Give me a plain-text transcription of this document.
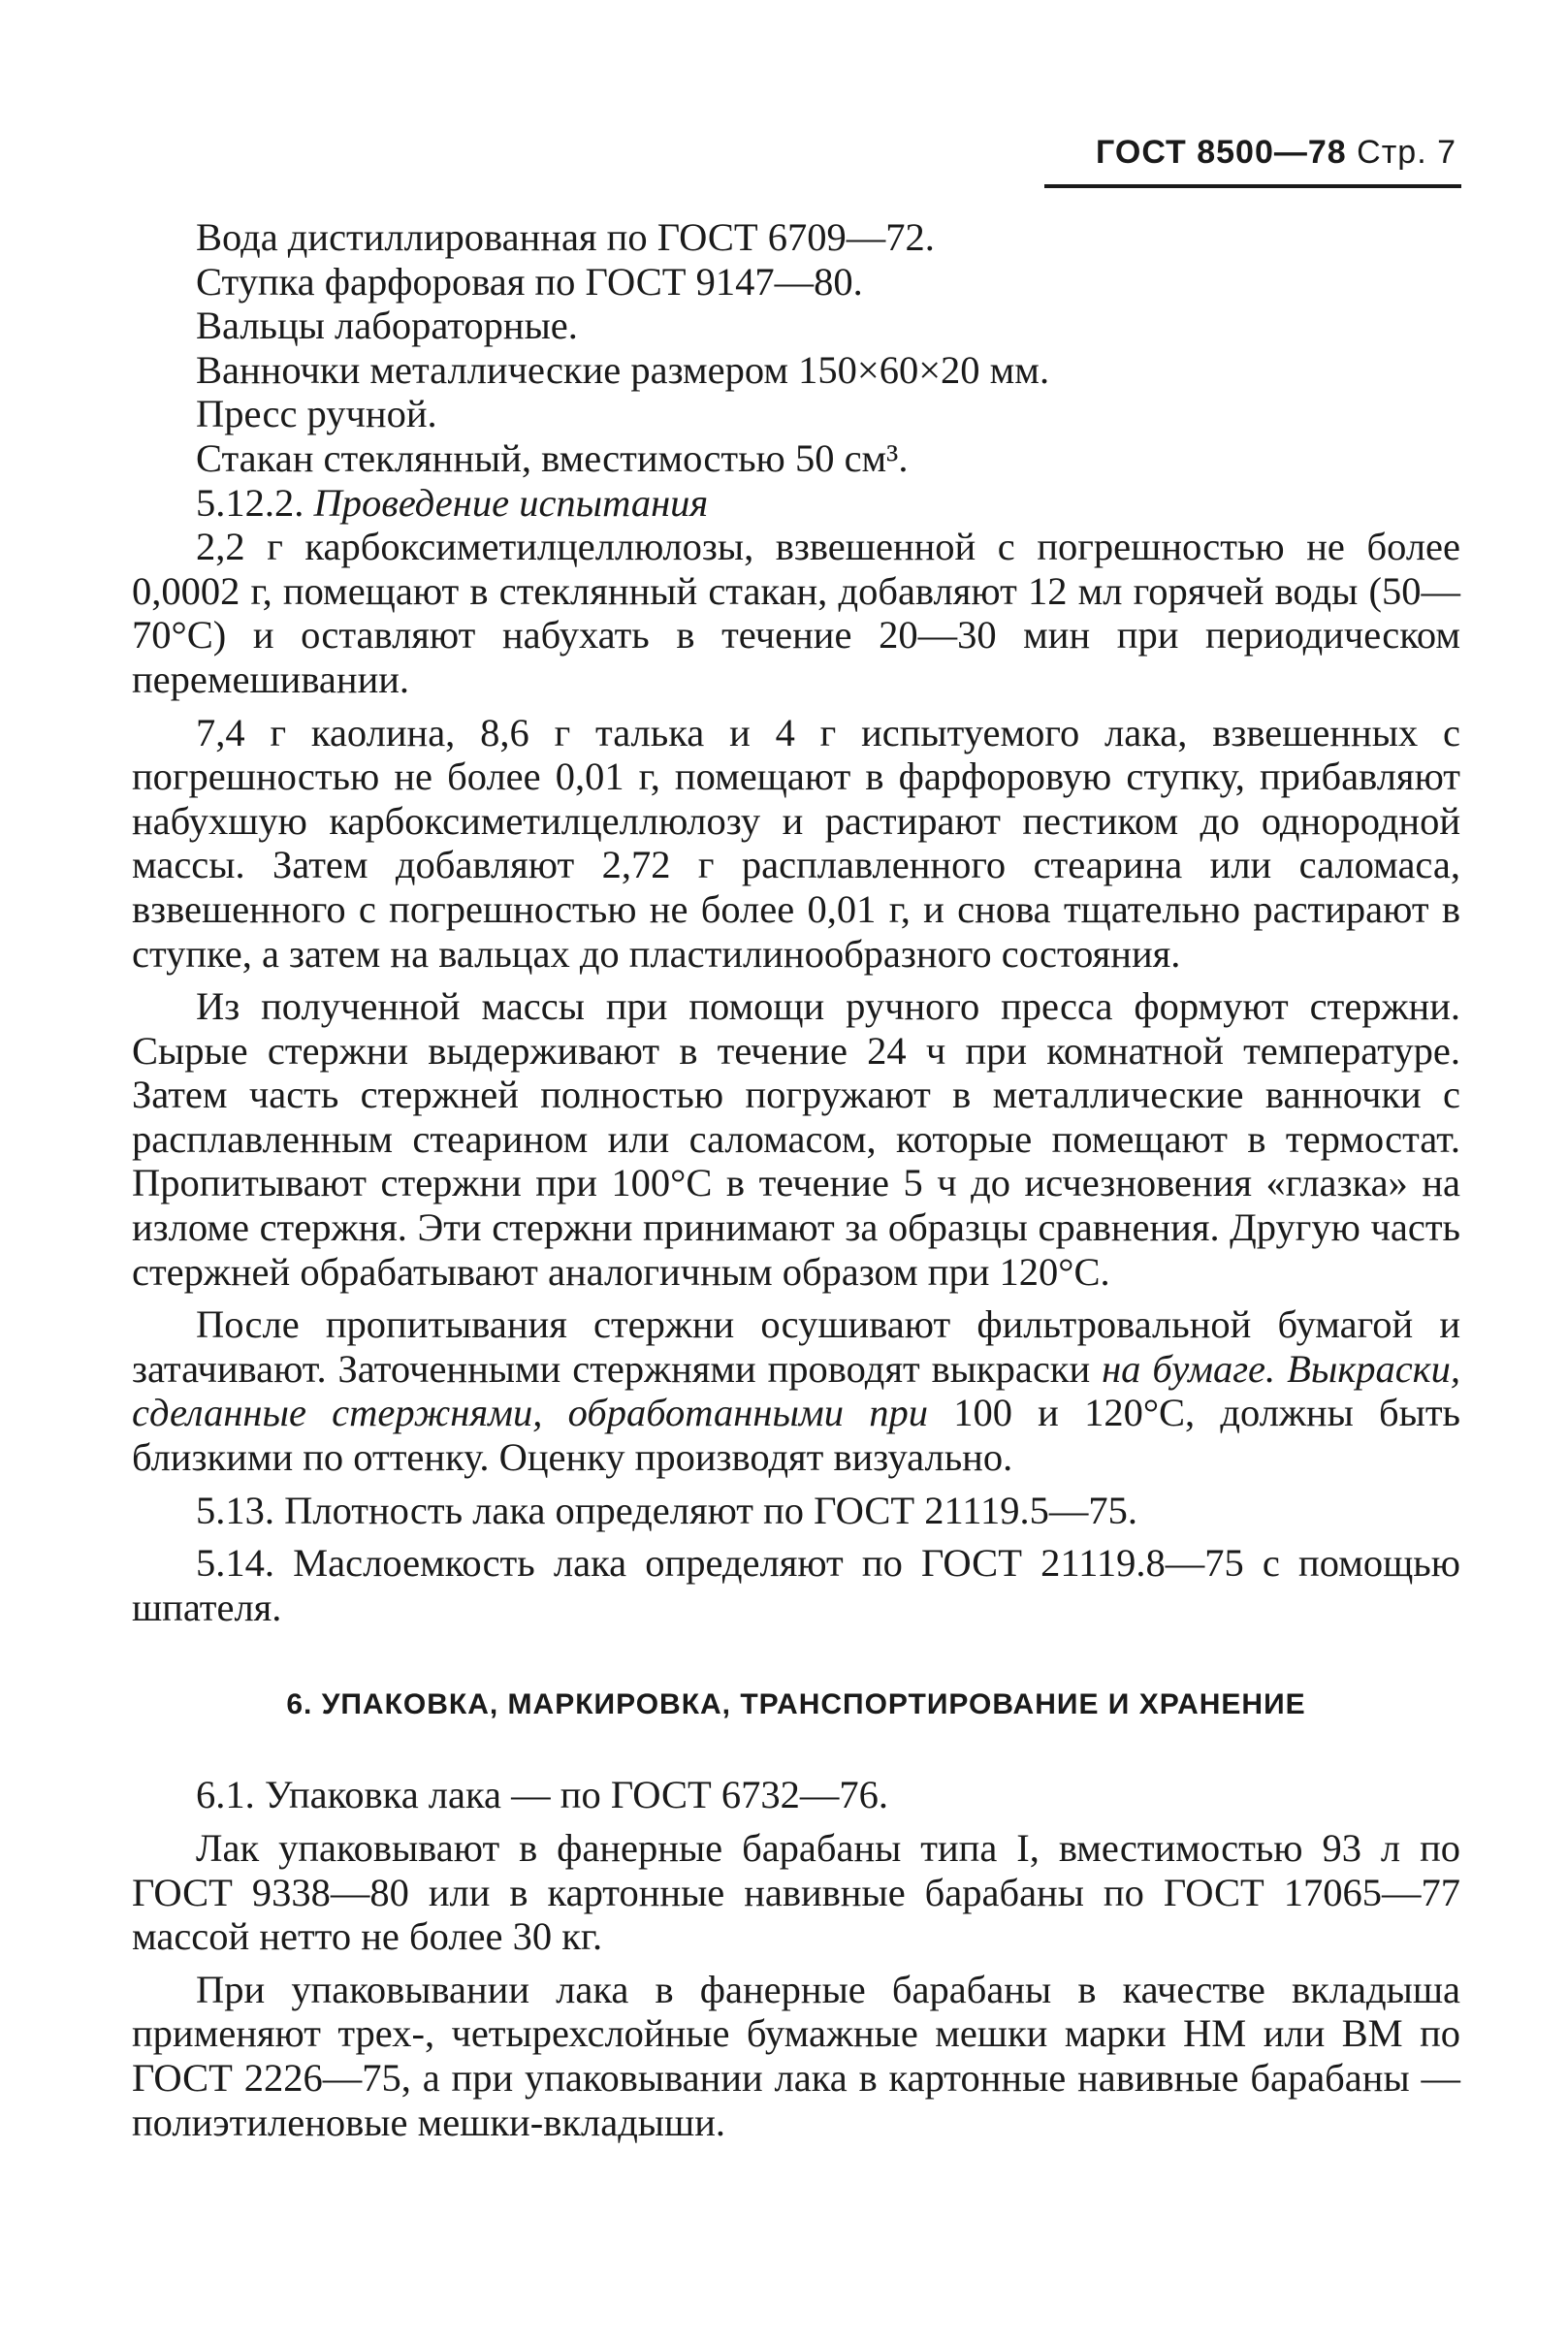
ГОСТ 8500—78 Стр. 7

Вода дистиллированная по ГОСТ 6709—72.

Ступка фарфоровая по ГОСТ 9147—80.

Вальцы лабораторные.

Ванночки металлические размером 150×60×20 мм.

Пресс ручной.

Стакан стеклянный, вместимостью 50 см³.

5.12.2. Проведение испытания

2,2 г карбоксиметилцеллюлозы, взвешенной с погрешностью не более 0,0002 г, помещают в стеклянный стакан, добавляют 12 мл горячей воды (50—70°С) и оставляют набухать в течение 20—30 мин при периодическом перемешивании.

7,4 г каолина, 8,6 г талька и 4 г испытуемого лака, взвешенных с погрешностью не более 0,01 г, помещают в фарфоровую ступку, прибавляют набухшую карбоксиметилцеллюлозу и растирают пестиком до однородной массы. Затем добавляют 2,72 г расплавленного стеарина или саломаса, взвешенного с погрешностью не более 0,01 г, и снова тщательно растирают в ступке, а затем на вальцах до пластилинообразного состояния.

Из полученной массы при помощи ручного пресса формуют стержни. Сырые стержни выдерживают в течение 24 ч при комнатной температуре. Затем часть стержней полностью погружают в металлические ванночки с расплавленным стеарином или саломасом, которые помещают в термостат. Пропитывают стержни при 100°С в течение 5 ч до исчезновения «глазка» на изломе стержня. Эти стержни принимают за образцы сравнения. Другую часть стержней обрабатывают аналогичным образом при 120°С.

После пропитывания стержни осушивают фильтровальной бумагой и затачивают. Заточенными стержнями проводят выкраски на бумаге. Выкраски, сделанные стержнями, обработанными при 100 и 120°С, должны быть близкими по оттенку. Оценку производят визуально.

5.13. Плотность лака определяют по ГОСТ 21119.5—75.

5.14. Маслоемкость лака определяют по ГОСТ 21119.8—75 с помощью шпателя.

6. УПАКОВКА, МАРКИРОВКА, ТРАНСПОРТИРОВАНИЕ И ХРАНЕНИЕ

6.1. Упаковка лака — по ГОСТ 6732—76.

Лак упаковывают в фанерные барабаны типа I, вместимостью 93 л по ГОСТ 9338—80 или в картонные навивные барабаны по ГОСТ 17065—77 массой нетто не более 30 кг.

При упаковывании лака в фанерные барабаны в качестве вкладыша применяют трех-, четырехслойные бумажные мешки марки НМ или ВМ по ГОСТ 2226—75, а при упаковывании лака в картонные навивные барабаны — полиэтиленовые мешки-вкладыши.
